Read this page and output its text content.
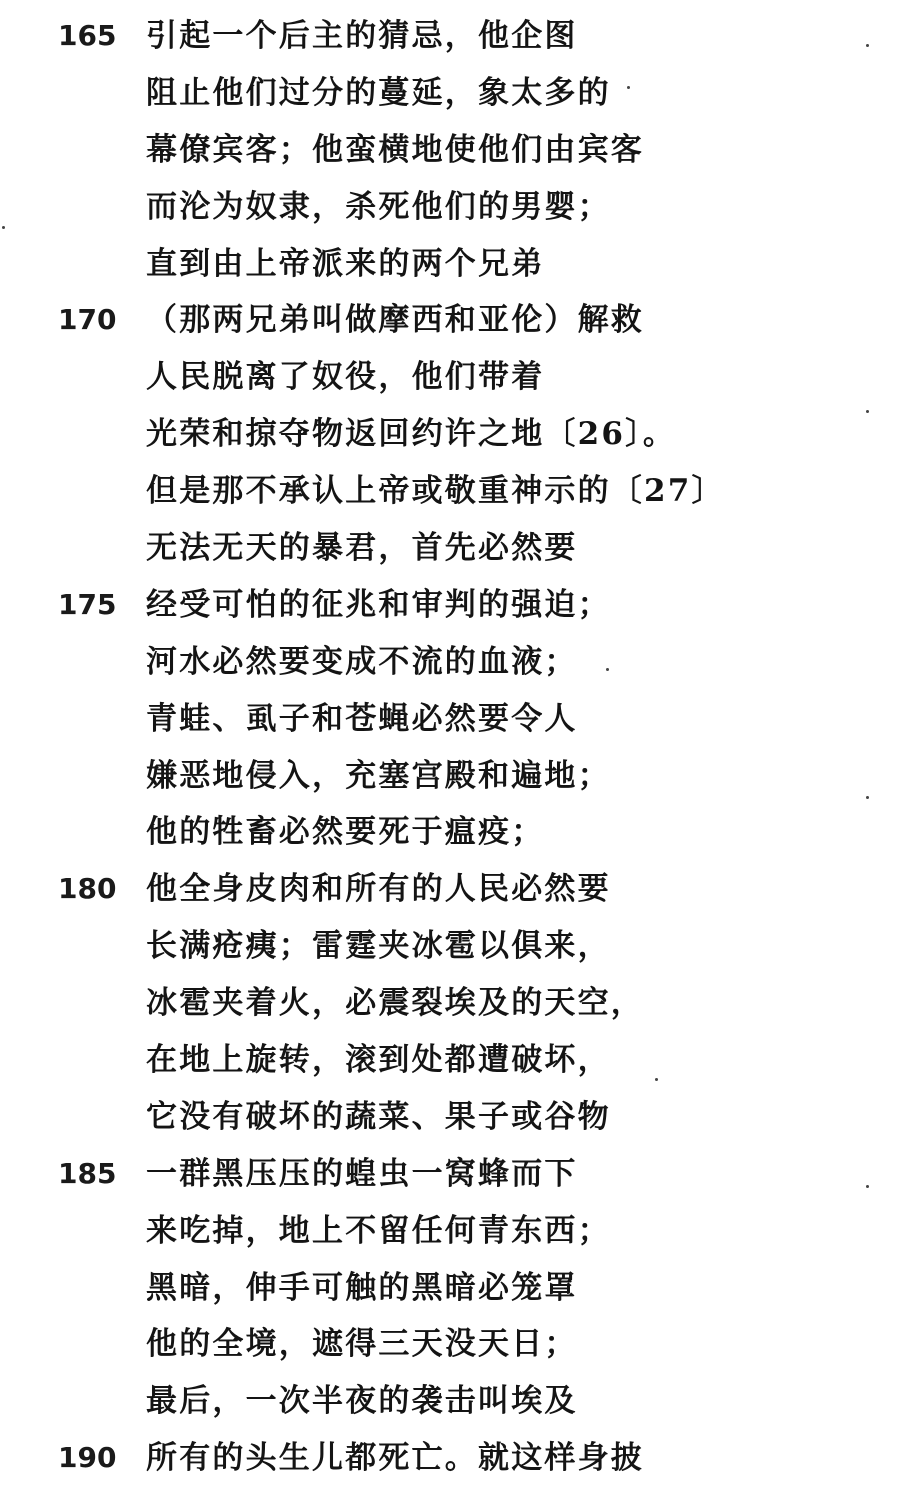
165 引起一个后主的猜忌，他企图
阻止他们过分的蔓延，象太多的
幕僚宾客；他蛮横地使他们由宾客
而沦为奴隶，杀死他们的男婴；
直到由上帝派来的两个兄弟
170 （那两兄弟叫做摩西和亚伦）解救
人民脱离了奴役，他们带着
光荣和掠夺物返回约许之地〔26〕。
但是那不承认上帝或敬重神示的〔27〕
无法无天的暴君，首先必然要
175 经受可怕的征兆和审判的强迫；
河水必然要变成不流的血液；
青蛙、虱子和苍蝇必然要令人
嫌恶地侵入，充塞宫殿和遍地；
他的牲畜必然要死于瘟疫；
180 他全身皮肉和所有的人民必然要
长满疮痍；雷霆夹冰雹以俱来，
冰雹夹着火，必震裂埃及的天空，
在地上旋转，滚到处都遭破坏，
它没有破坏的蔬菜、果子或谷物
185 一群黑压压的蝗虫一窝蜂而下
来吃掉，地上不留任何青东西；
黑暗，伸手可触的黑暗必笼罩
他的全境，遮得三天没天日；
最后，一次半夜的袭击叫埃及
190 所有的头生儿都死亡。就这样身披
